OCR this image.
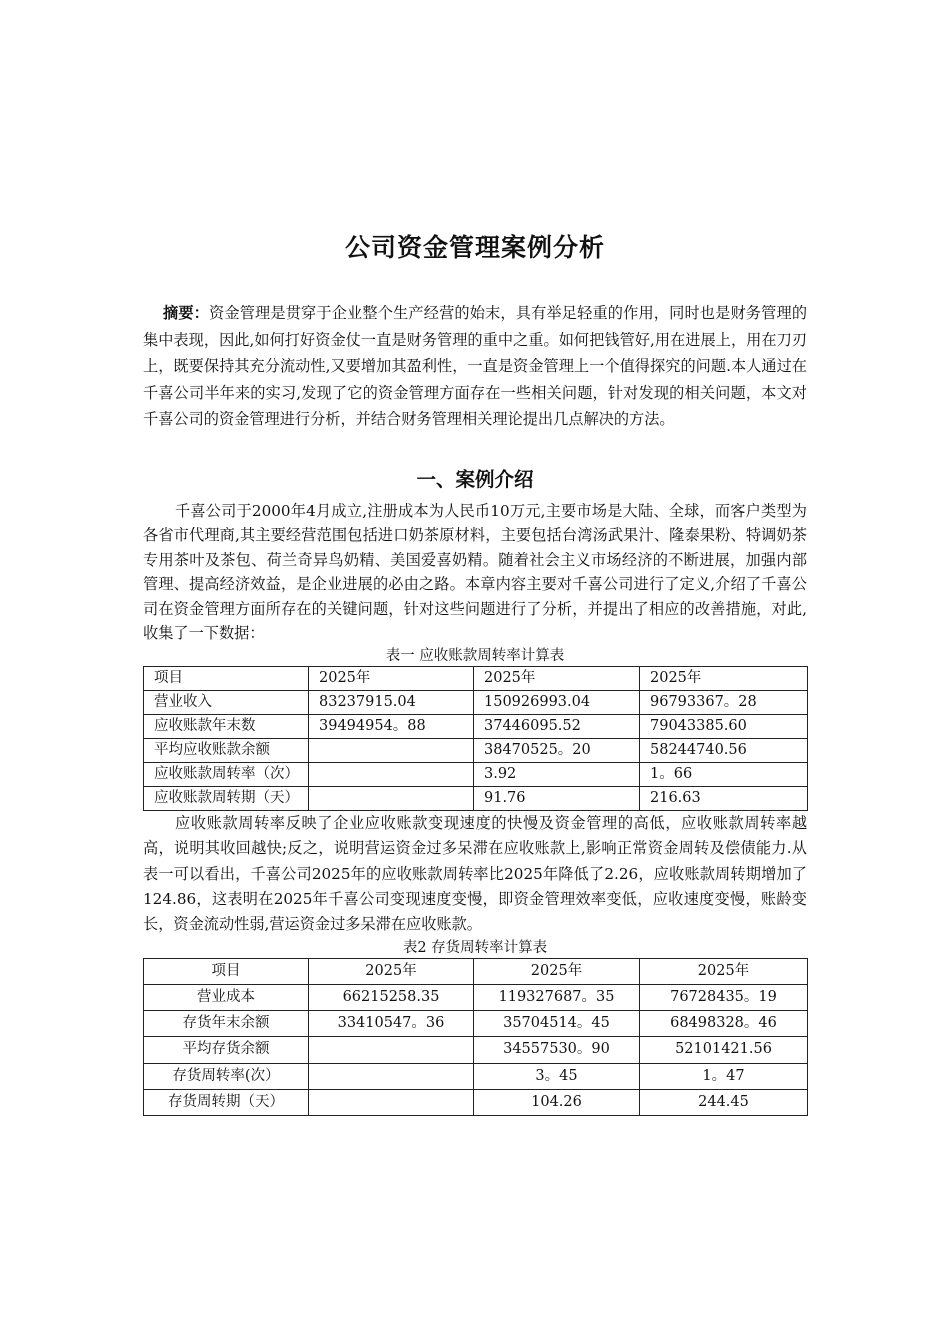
公司资金管理案例分析

摘要：资金管理是贯穿于企业整个生产经营的始末，具有举足轻重的作用，同时也是财务管理的集中表现，因此,如何打好资金仗一直是财务管理的重中之重。如何把钱管好,用在进展上，用在刀刃上，既要保持其充分流动性,又要增加其盈利性，一直是资金管理上一个值得探究的问题.本人通过在千喜公司半年来的实习,发现了它的资金管理方面存在一些相关问题，针对发现的相关问题，本文对千喜公司的资金管理进行分析，并结合财务管理相关理论提出几点解决的方法。

一、案例介绍

千喜公司于2000年4月成立,注册成本为人民币10万元,主要市场是大陆、全球，而客户类型为各省市代理商,其主要经营范围包括进口奶茶原材料，主要包括台湾汤武果汁、隆泰果粉、特调奶茶专用茶叶及茶包、荷兰奇异鸟奶精、美国爱喜奶精。随着社会主义市场经济的不断进展，加强内部管理、提高经济效益，是企业进展的必由之路。本章内容主要对千喜公司进行了定义,介绍了千喜公司在资金管理方面所存在的关键问题，针对这些问题进行了分析，并提出了相应的改善措施，对此,收集了一下数据：

表一 应收账款周转率计算表

项目	2025年	2025年	2025年
营业收入	83237915.04	150926993.04	96793367。28
应收账款年末数	39494954。88	37446095.52	79043385.60
平均应收账款余额		38470525。20	58244740.56
应收账款周转率（次）		3.92	1。66
应收账款周转期（天）		91.76	216.63

应收账款周转率反映了企业应收账款变现速度的快慢及资金管理的高低，应收账款周转率越高，说明其收回越快;反之，说明营运资金过多呆滞在应收账款上,影响正常资金周转及偿债能力.从表一可以看出，千喜公司2025年的应收账款周转率比2025年降低了2.26，应收账款周转期增加了124.86，这表明在2025年千喜公司变现速度变慢，即资金管理效率变低，应收速度变慢，账龄变长，资金流动性弱,营运资金过多呆滞在应收账款。

表2 存货周转率计算表

项目	2025年	2025年	2025年
营业成本	66215258.35	119327687。35	76728435。19
存货年末余额	33410547。36	35704514。45	68498328。46
平均存货余额		34557530。90	52101421.56
存货周转率(次）		3。45	1。47
存货周转期（天）		104.26	244.45
